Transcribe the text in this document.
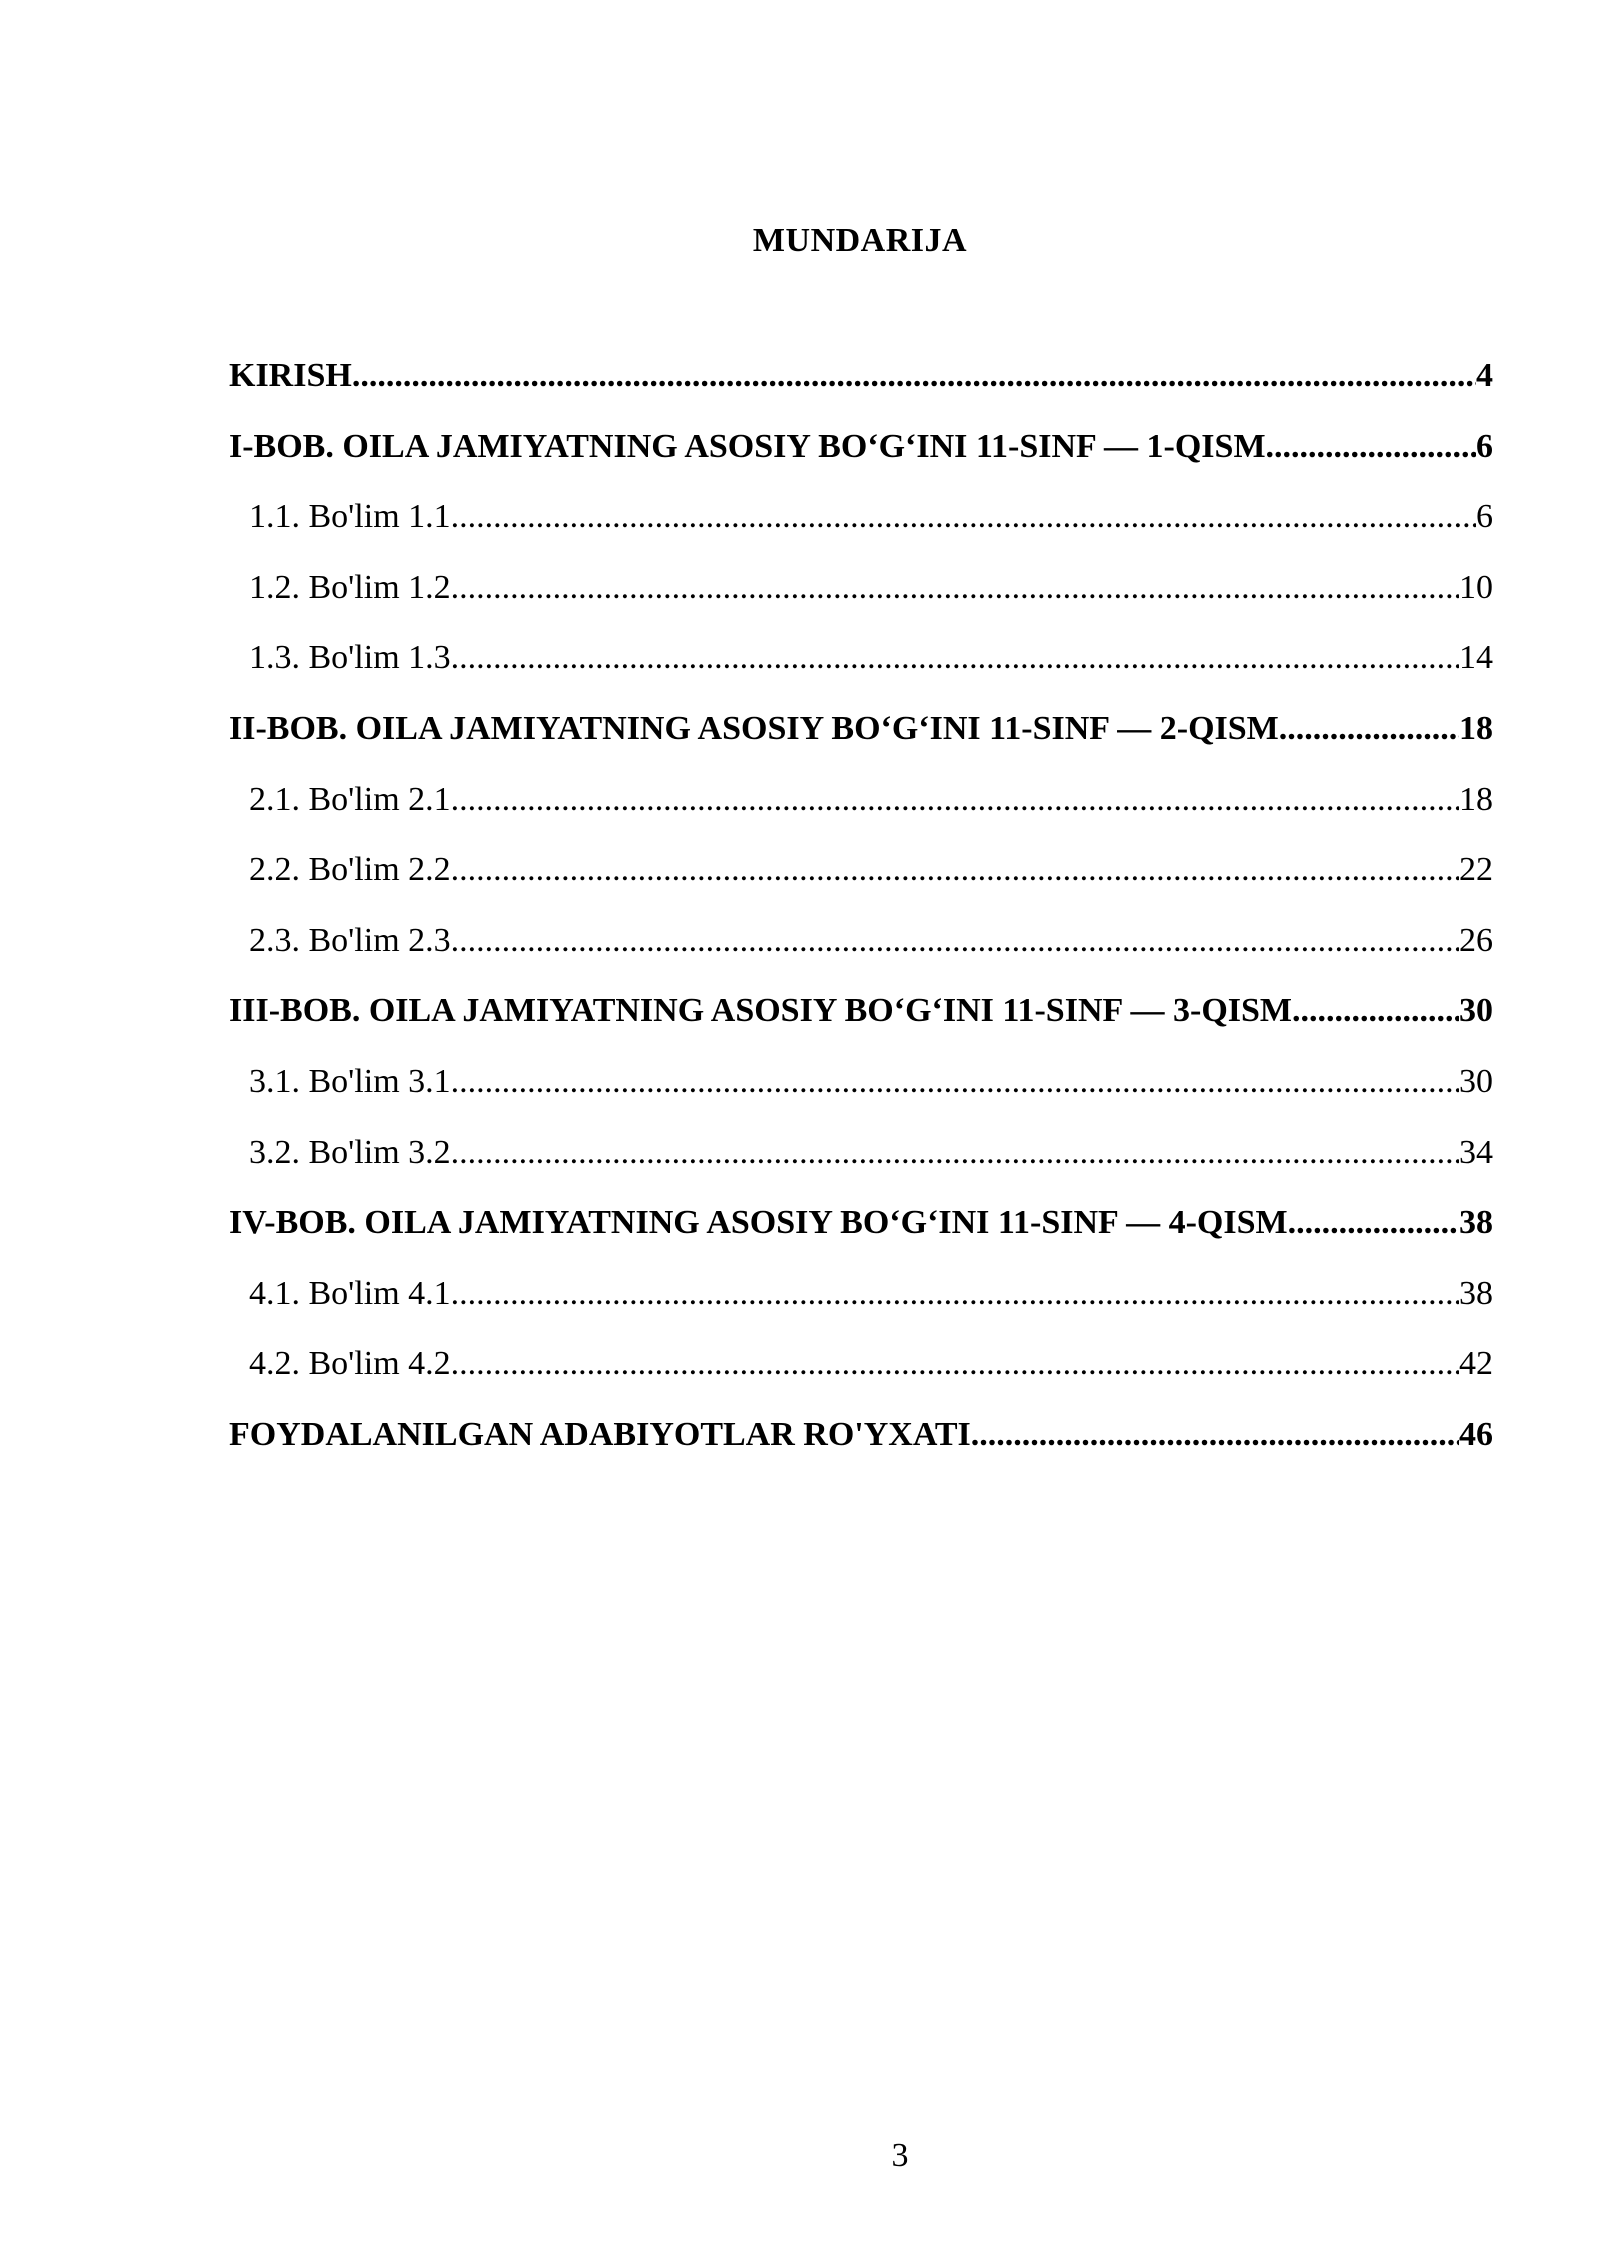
MUNDARIJA
KIRISH .....	4
I-BOB. OILA JAMIYATNING ASOSIY BO‘G‘INI 11-SINF — 1-QISM .....	6
1.1. Bo'lim 1.1 .....	6
1.2. Bo'lim 1.2 .....	10
1.3. Bo'lim 1.3 .....	14
II-BOB. OILA JAMIYATNING ASOSIY BO‘G‘INI 11-SINF — 2-QISM .....	18
2.1. Bo'lim 2.1 .....	18
2.2. Bo'lim 2.2 .....	22
2.3. Bo'lim 2.3 .....	26
III-BOB. OILA JAMIYATNING ASOSIY BO‘G‘INI 11-SINF — 3-QISM. .....	30
3.1. Bo'lim 3.1 .....	30
3.2. Bo'lim 3.2 .....	34
IV-BOB. OILA JAMIYATNING ASOSIY BO‘G‘INI 11-SINF — 4-QISM .....	38
4.1. Bo'lim 4.1 .....	38
4.2. Bo'lim 4.2 .....	42
FOYDALANILGAN ADABIYOTLAR RO'YXATI .....	46
3
